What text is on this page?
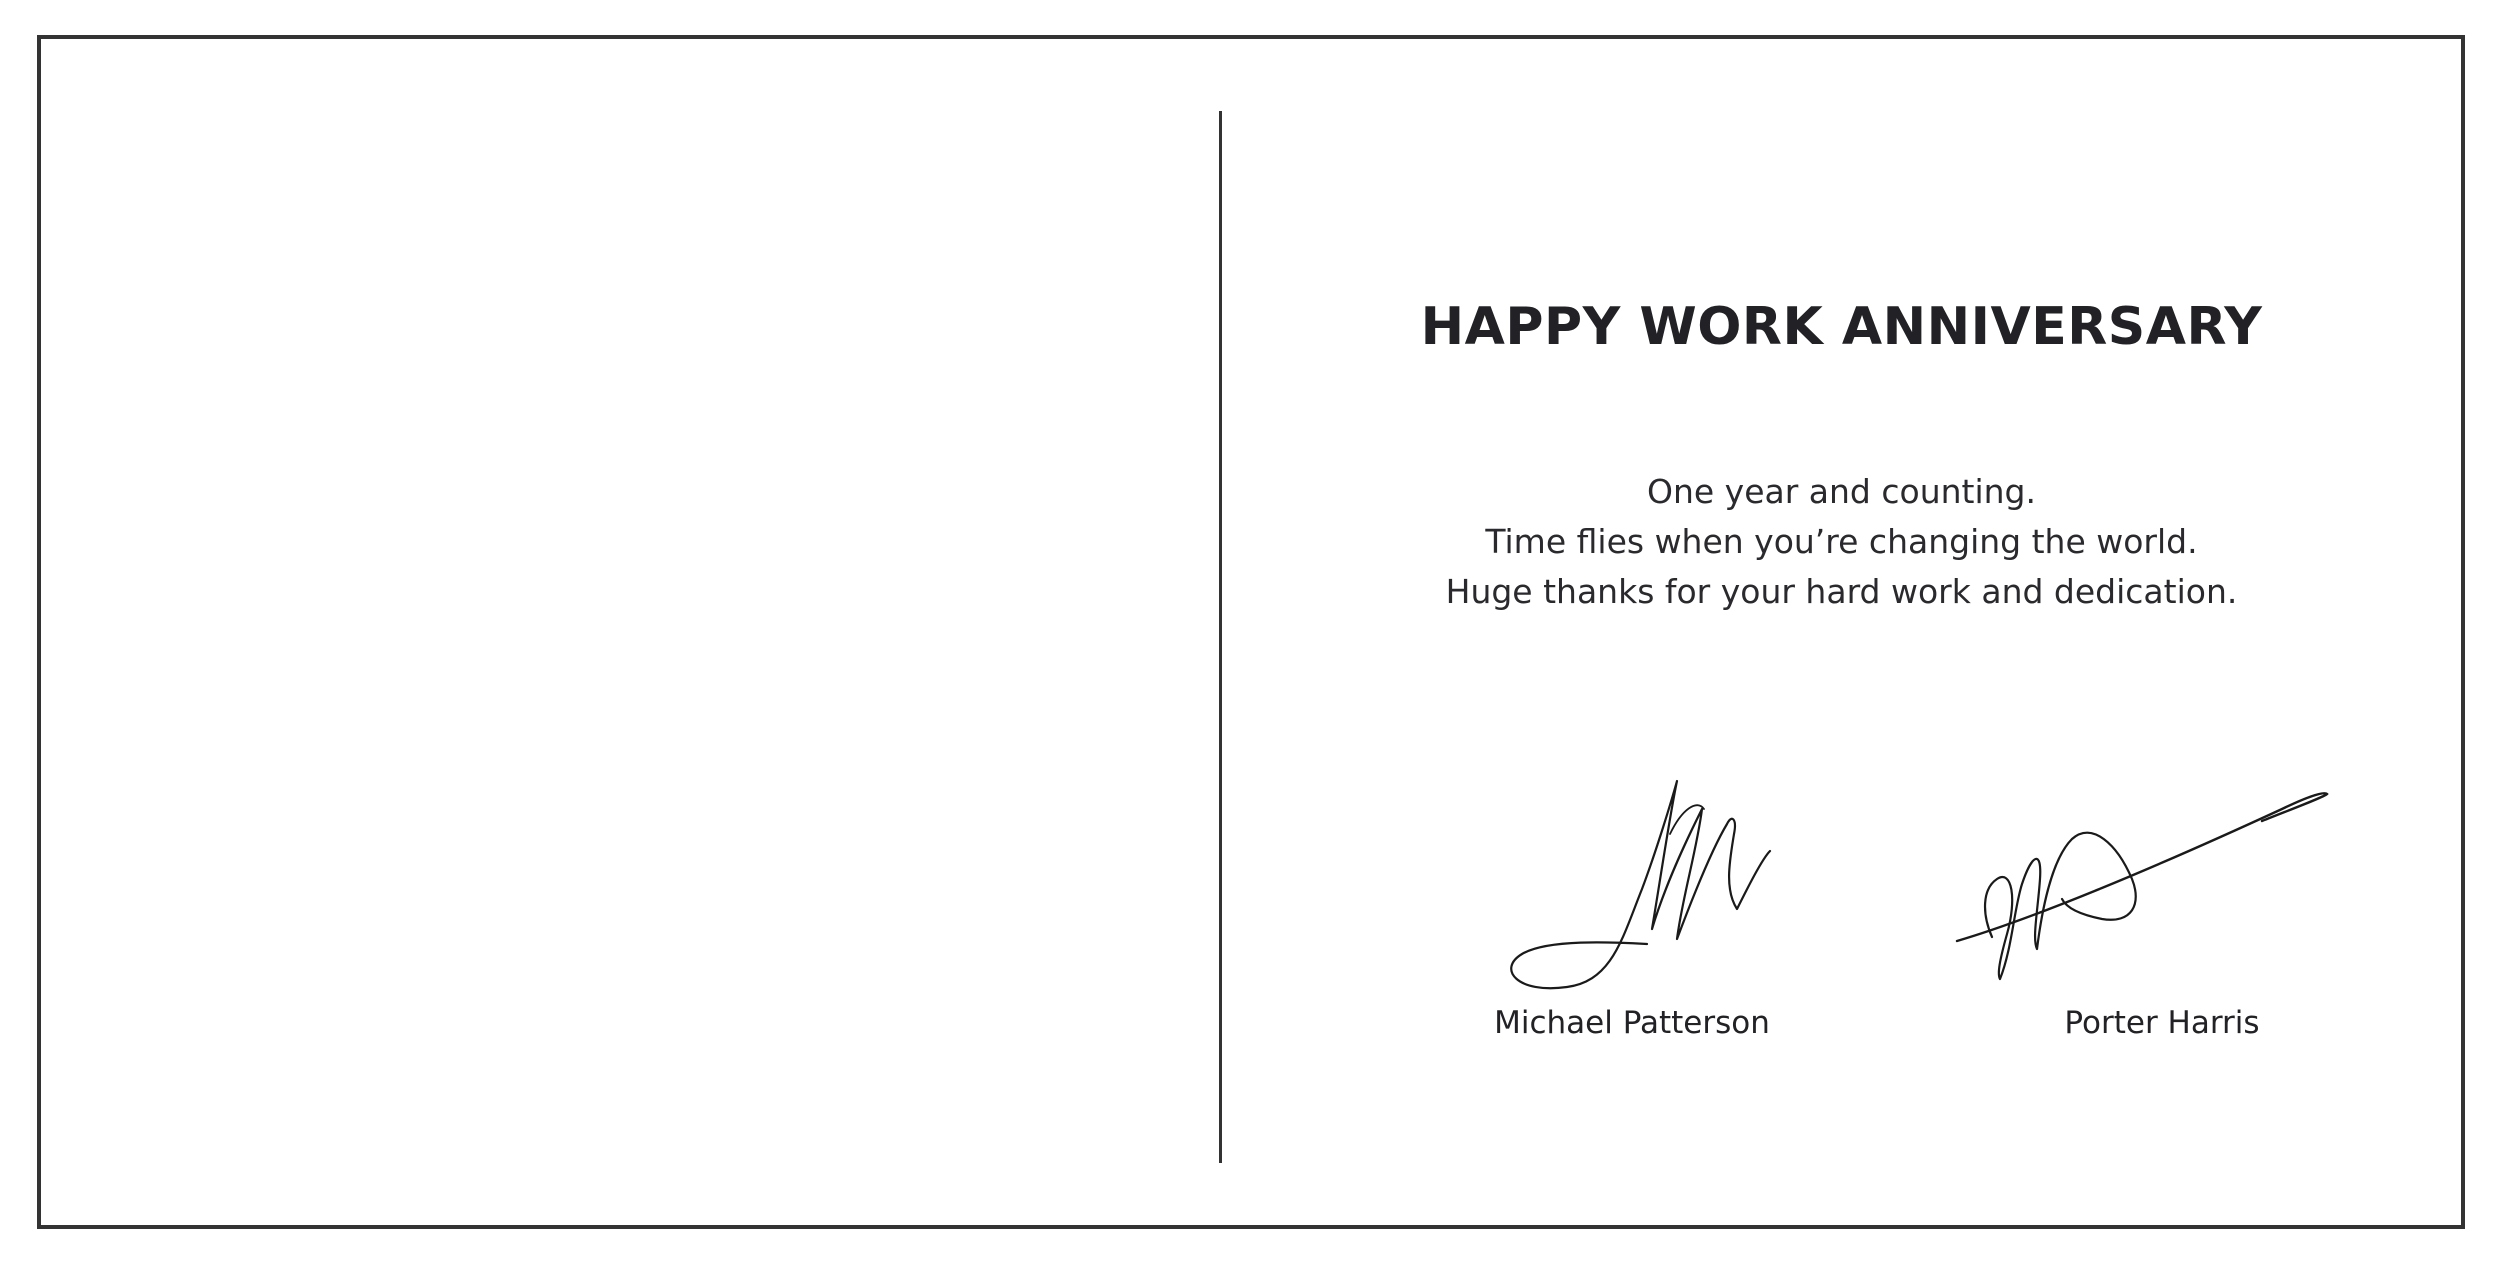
HAPPY WORK ANNIVERSARY
One year and counting.
Time flies when you’re changing the world.
Huge thanks for your hard work and dedication.
Michael Patterson	Porter Harris
